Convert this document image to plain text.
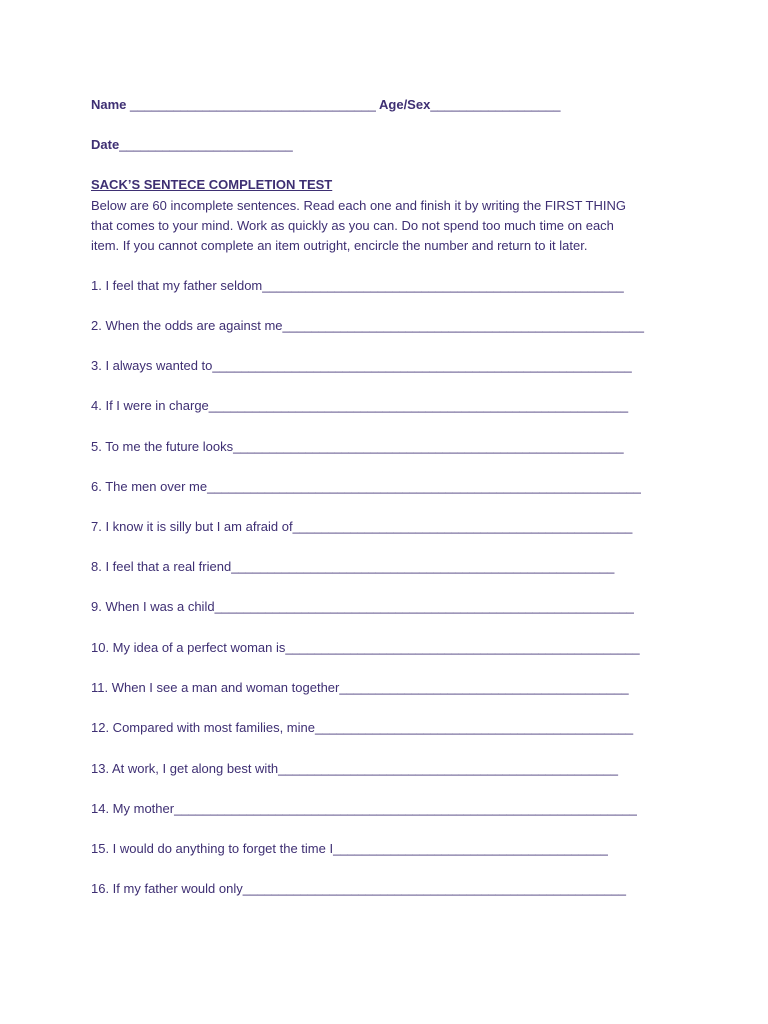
Name __________________________________ Age/Sex__________________
Date________________________
SACK’S SENTECE COMPLETION TEST
Below are 60 incomplete sentences. Read each one and finish it by writing the FIRST THING
that comes to your mind. Work as quickly as you can. Do not spend too much time on each
item. If you cannot complete an item outright, encircle the number and return to it later.
1. I feel that my father seldom__________________________________________________
2. When the odds are against me__________________________________________________
3. I always wanted to__________________________________________________________
4. If I were in charge__________________________________________________________
5. To me the future looks______________________________________________________
6. The men over me____________________________________________________________
7. I know it is silly but I am afraid of_______________________________________________
8. I feel that a real friend_____________________________________________________
9. When I was a child__________________________________________________________
10. My idea of a perfect woman is_________________________________________________
11. When I see a man and woman together________________________________________
12. Compared with most families, mine____________________________________________
13. At work, I get along best with_______________________________________________
14. My mother________________________________________________________________
15. I would do anything to forget the time I______________________________________
16. If my father would only_____________________________________________________
